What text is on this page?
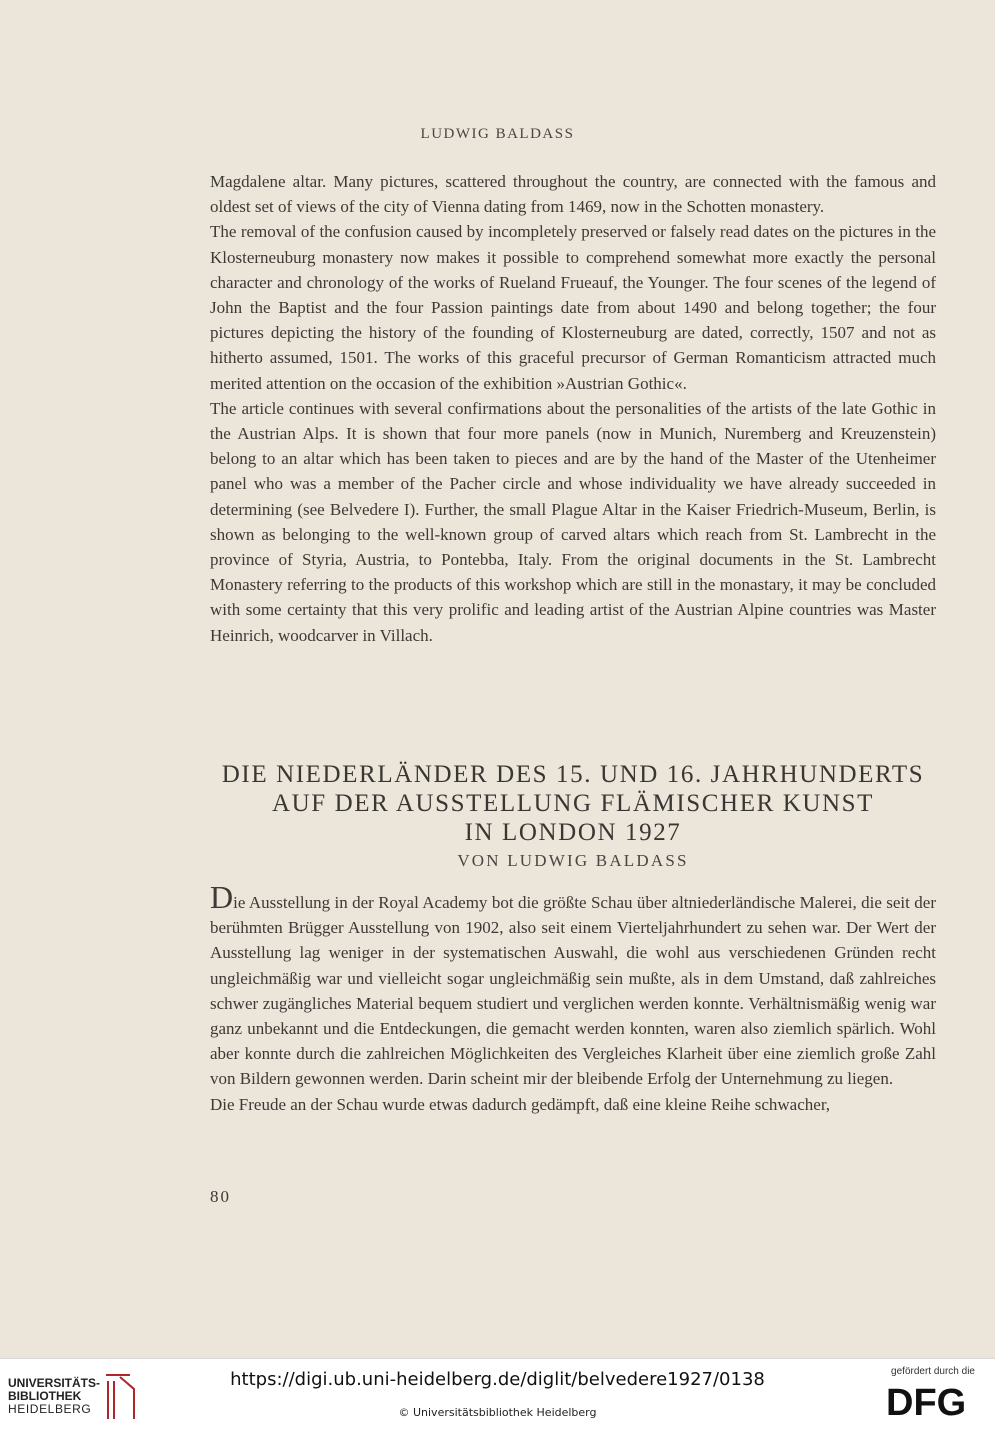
LUDWIG BALDASS

Magdalene altar. Many pictures, scattered throughout the country, are connected with the famous and oldest set of views of the city of Vienna dating from 1469, now in the Schotten monastery.

The removal of the confusion caused by incompletely preserved or falsely read dates on the pictures in the Klosterneuburg monastery now makes it possible to comprehend somewhat more exactly the personal character and chronology of the works of Rueland Frueauf, the Younger. The four scenes of the legend of John the Baptist and the four Passion paintings date from about 1490 and belong together; the four pictures depicting the history of the founding of Klosterneuburg are dated, correctly, 1507 and not as hitherto assumed, 1501. The works of this graceful precursor of German Romanticism attracted much merited attention on the occasion of the exhibition »Austrian Gothic«.

The article continues with several confirmations about the personalities of the artists of the late Gothic in the Austrian Alps. It is shown that four more panels (now in Munich, Nuremberg and Kreuzenstein) belong to an altar which has been taken to pieces and are by the hand of the Master of the Utenheimer panel who was a member of the Pacher circle and whose individuality we have already succeeded in determining (see Belvedere I). Further, the small Plague Altar in the Kaiser Friedrich-Museum, Berlin, is shown as belonging to the well-known group of carved altars which reach from St. Lambrecht in the province of Styria, Austria, to Pontebba, Italy. From the original documents in the St. Lambrecht Monastery referring to the products of this workshop which are still in the monastary, it may be concluded with some certainty that this very prolific and leading artist of the Austrian Alpine countries was Master Heinrich, woodcarver in Villach.

DIE NIEDERLÄNDER DES 15. UND 16. JAHRHUNDERTS
AUF DER AUSSTELLUNG FLÄMISCHER KUNST
IN LONDON 1927
VON LUDWIG BALDASS

Die Ausstellung in der Royal Academy bot die größte Schau über altniederländische Malerei, die seit der berühmten Brügger Ausstellung von 1902, also seit einem Vierteljahrhundert zu sehen war. Der Wert der Ausstellung lag weniger in der systematischen Auswahl, die wohl aus verschiedenen Gründen recht ungleichmäßig war und vielleicht sogar ungleichmäßig sein mußte, als in dem Umstand, daß zahlreiches schwer zugängliches Material bequem studiert und verglichen werden konnte. Verhältnismäßig wenig war ganz unbekannt und die Entdeckungen, die gemacht werden konnten, waren also ziemlich spärlich. Wohl aber konnte durch die zahlreichen Möglichkeiten des Vergleiches Klarheit über eine ziemlich große Zahl von Bildern gewonnen werden. Darin scheint mir der bleibende Erfolg der Unternehmung zu liegen.

Die Freude an der Schau wurde etwas dadurch gedämpft, daß eine kleine Reihe schwacher,

80
UNIVERSITÄTS-
BIBLIOTHEK
HEIDELBERG
https://digi.ub.uni-heidelberg.de/diglit/belvedere1927/0138
© Universitätsbibliothek Heidelberg
gefördert durch die
DFG
